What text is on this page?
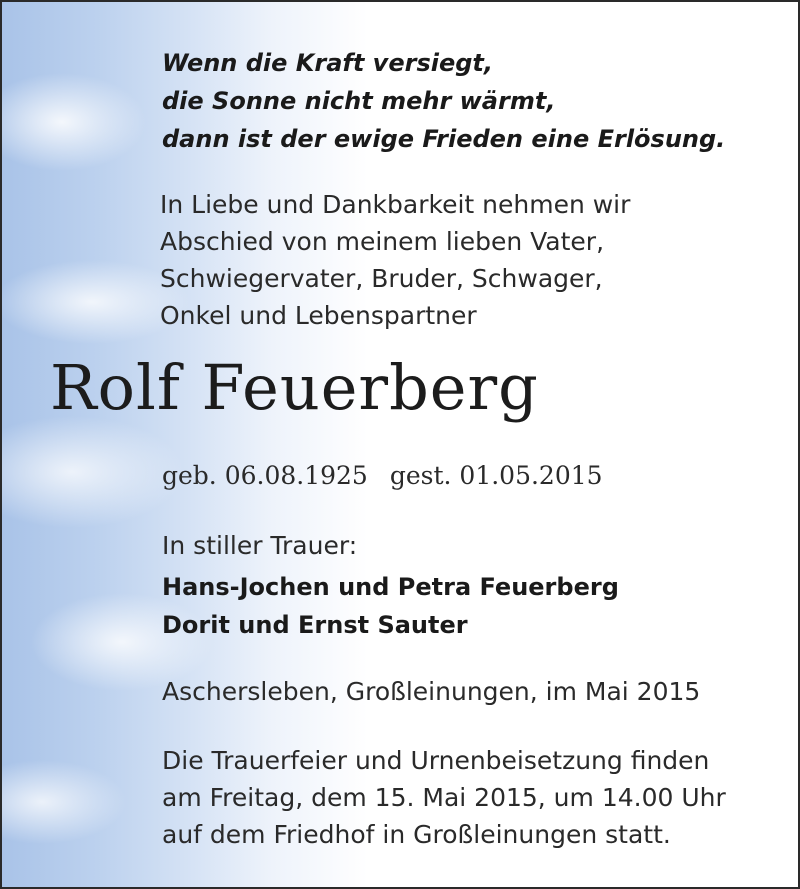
Wenn die Kraft versiegt,
die Sonne nicht mehr wärmt,
dann ist der ewige Frieden eine Erlösung.
In Liebe und Dankbarkeit nehmen wir
Abschied von meinem lieben Vater,
Schwiegervater, Bruder, Schwager,
Onkel und Lebenspartner
Rolf Feuerberg
geb. 06.08.1925 gest. 01.05.2015
In stiller Trauer:
Hans-Jochen und Petra Feuerberg
Dorit und Ernst Sauter
Aschersleben, Großleinungen, im Mai 2015
Die Trauerfeier und Urnenbeisetzung finden
am Freitag, dem 15. Mai 2015, um 14.00 Uhr
auf dem Friedhof in Großleinungen statt.
